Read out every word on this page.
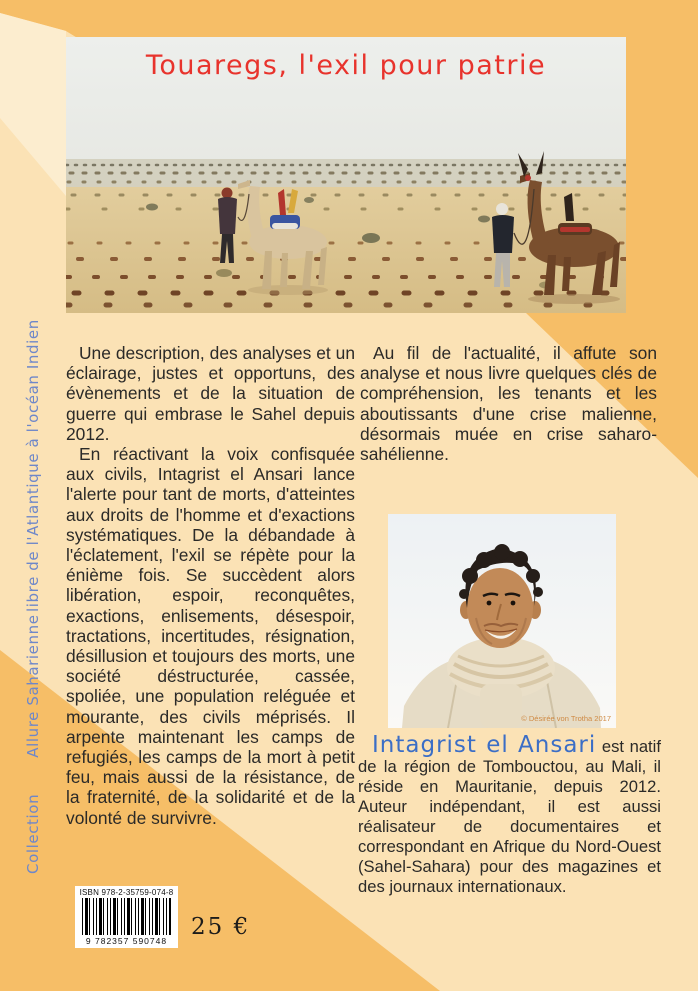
Touaregs, l'exil pour patrie
CollectionAllure Saharienne
libre de l'Atlantique à l'océan Indien	Une description, des analyses et un éclairage, justes et opportuns, des évènements et de la situation de guerre qui embrase le Sahel depuis 2012.

En réactivant la voix confisquée aux civils, Intagrist el Ansari lance l'alerte pour tant de morts, d'atteintes aux droits de l'homme et d'exactions systématiques. De la débandade à l'éclatement, l'exil se répète pour la énième fois. Se succèdent alors libération, espoir, reconquêtes, exactions, enlisements, désespoir, tractations, incertitudes, résignation, désillusion et toujours des morts, une société déstructurée, cassée, spoliée, une population reléguée et mourante, des civils méprisés. Il arpente maintenant les camps de refugiés, les camps de la mort à petit feu, mais aussi de la résistance, de la fraternité, de la solidarité et de la volonté de survivre.

Au fil de l'actualité, il affute son analyse et nous livre quelques clés de compréhension, les tenants et les aboutissants d'une crise malienne, désormais muée en crise saharo-sahélienne.

© Désirée von Trotha 2017

Intagrist el Ansari est natif de la région de Tombouctou, au Mali, il réside en Mauritanie, depuis 2012. Auteur indépendant, il est aussi réalisateur de documentaires et correspondant en Afrique du Nord-Ouest (Sahel-Sahara) pour des magazines et des journaux internationaux.

ISBN 978-2-35759-074-8
9 782357 590748
25 €
